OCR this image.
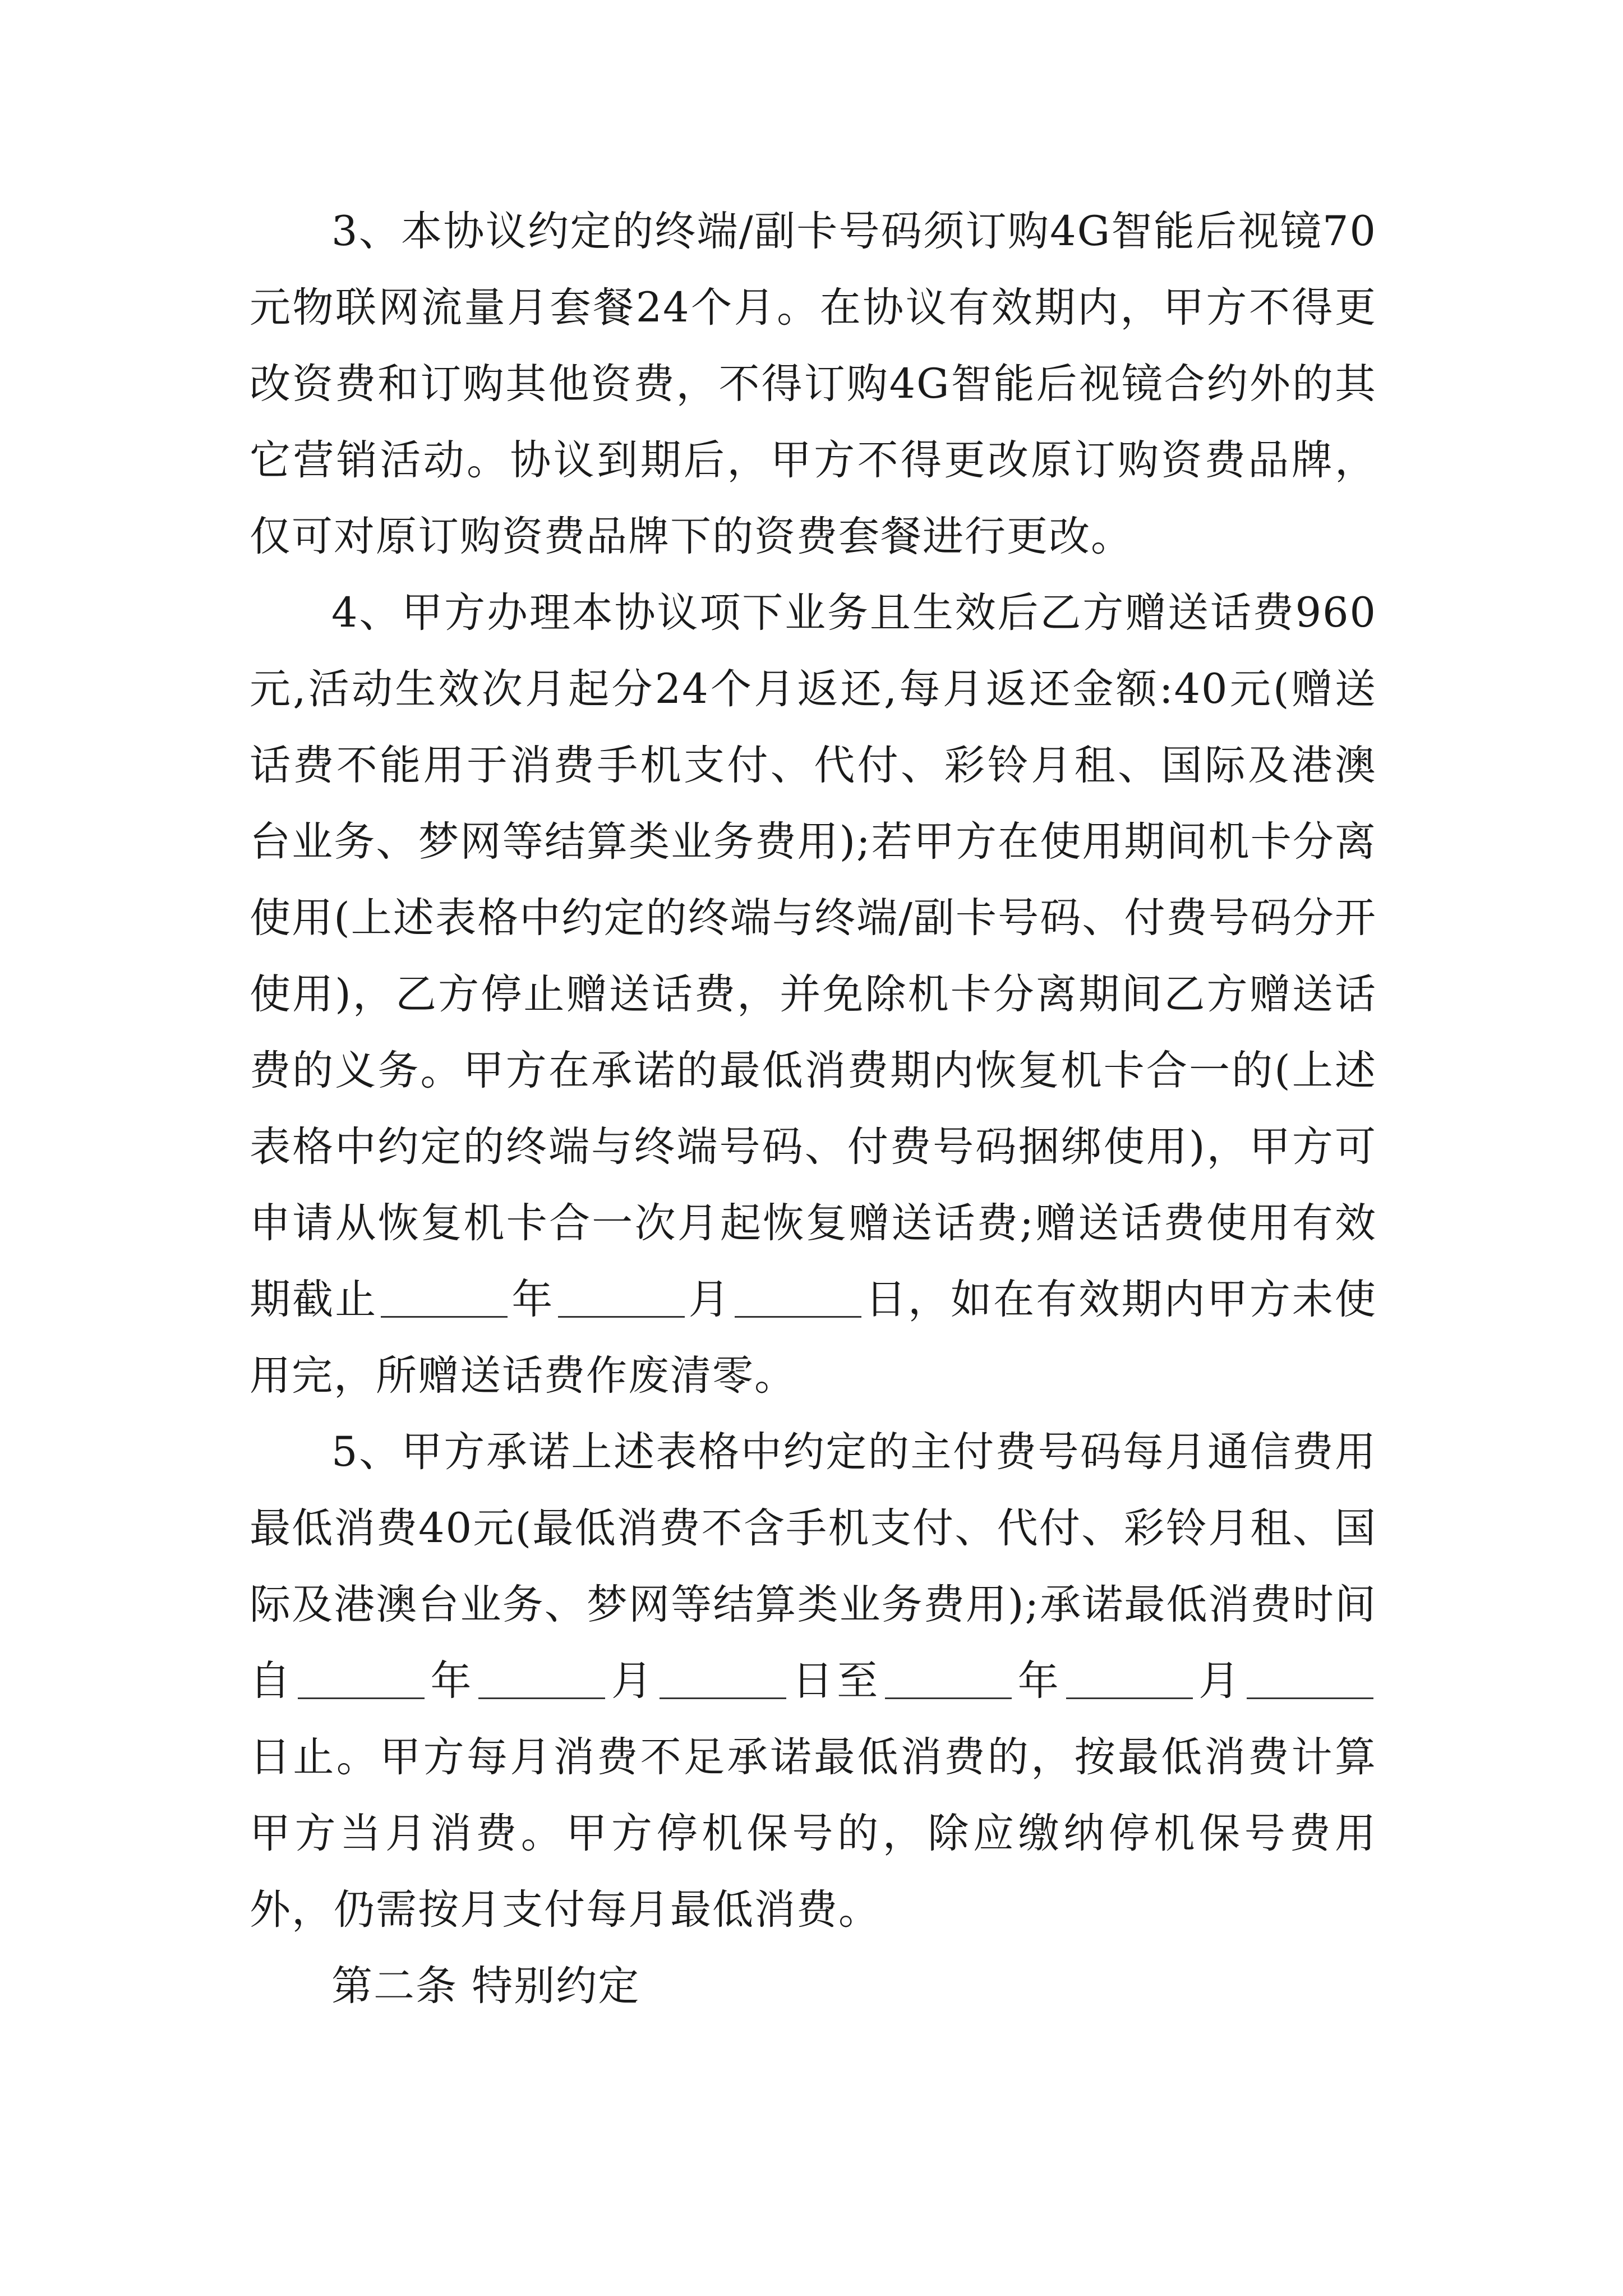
3、本协议约定的终端/副卡号码须订购4G智能后视镜70元物联网流量月套餐24个月。在协议有效期内，甲方不得更改资费和订购其他资费，不得订购4G智能后视镜合约外的其它营销活动。协议到期后，甲方不得更改原订购资费品牌，仅可对原订购资费品牌下的资费套餐进行更改。

4、甲方办理本协议项下业务且生效后乙方赠送话费960元,活动生效次月起分24个月返还,每月返还金额:40元(赠送话费不能用于消费手机支付、代付、彩铃月租、国际及港澳台业务、梦网等结算类业务费用);若甲方在使用期间机卡分离使用(上述表格中约定的终端与终端/副卡号码、付费号码分开使用)，乙方停止赠送话费，并免除机卡分离期间乙方赠送话费的义务。甲方在承诺的最低消费期内恢复机卡合一的(上述表格中约定的终端与终端号码、付费号码捆绑使用)，甲方可申请从恢复机卡合一次月起恢复赠送话费;赠送话费使用有效期截止	年	月	日，如在有效期内甲方未使用完，所赠送话费作废清零。

5、甲方承诺上述表格中约定的主付费号码每月通信费用最低消费40元(最低消费不含手机支付、代付、彩铃月租、国际及港澳台业务、梦网等结算类业务费用);承诺最低消费时间自	年	月	日至	年	月日止。甲方每月消费不足承诺最低消费的，按最低消费计算甲方当月消费。甲方停机保号的，除应缴纳停机保号费用外，仍需按月支付每月最低消费。

第二条 特别约定
